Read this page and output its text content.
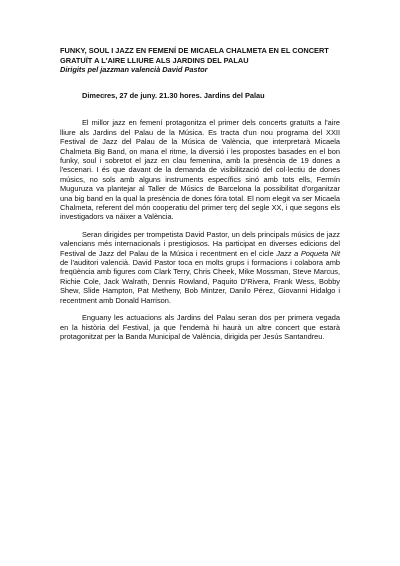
FUNKY, SOUL I JAZZ EN FEMENÍ DE MICAELA CHALMETA EN EL CONCERT GRATUÏT A L'AIRE LLIURE ALS JARDINS DEL PALAU

Dirigits pel jazzman valencià David Pastor

Dimecres, 27 de juny. 21.30 hores. Jardins del Palau

El millor jazz en femení protagonitza el primer dels concerts gratuïts a l'aire lliure als Jardins del Palau de la Música. Es tracta d'un nou programa del XXII Festival de Jazz del Palau de la Música de València, que interpretarà Micaela Chalmeta Big Band, on mana el ritme, la diversió i les propostes basades en el bon funky, soul i sobretot el jazz en clau femenina, amb la presència de 19 dones a l'escenari. I és que davant de la demanda de visibilització del col·lectiu de dones músics, no sols amb alguns instruments específics sinó amb tots ells, Fermín Muguruza va plantejar al Taller de Músics de Barcelona la possibilitat d'organitzar una big band en la qual la presència de dones fóra total. El nom elegit va ser Micaela Chalmeta, referent del món cooperatiu del primer terç del segle XX, i que segons els investigadors va náixer a València.

Seran dirigides per trompetista David Pastor, un dels principals músics de jazz valencians més internacionals i prestigiosos. Ha participat en diverses edicions del Festival de Jazz del Palau de la Música i recentment en el cicle Jazz a Poqueta Nit de l'auditori valencià. David Pastor toca en molts grups i formacions i colabora amb freqüència amb figures com Clark Terry, Chris Cheek, Mike Mossman, Steve Marcus, Richie Cole, Jack Walrath, Dennis Rowland, Paquito D'Rivera, Frank Wess, Bobby Shew, Slide Hampton, Pat Metheny, Bob Mintzer, Danilo Pérez, Giovanni Hidalgo i recentment amb Donald Harrison.

Enguany les actuacions als Jardins del Palau seran dos per primera vegada en la història del Festival, ja que l'endemà hi haurà un altre concert que estarà protagonitzat per la Banda Municipal de València, dirigida per Jesús Santandreu.
